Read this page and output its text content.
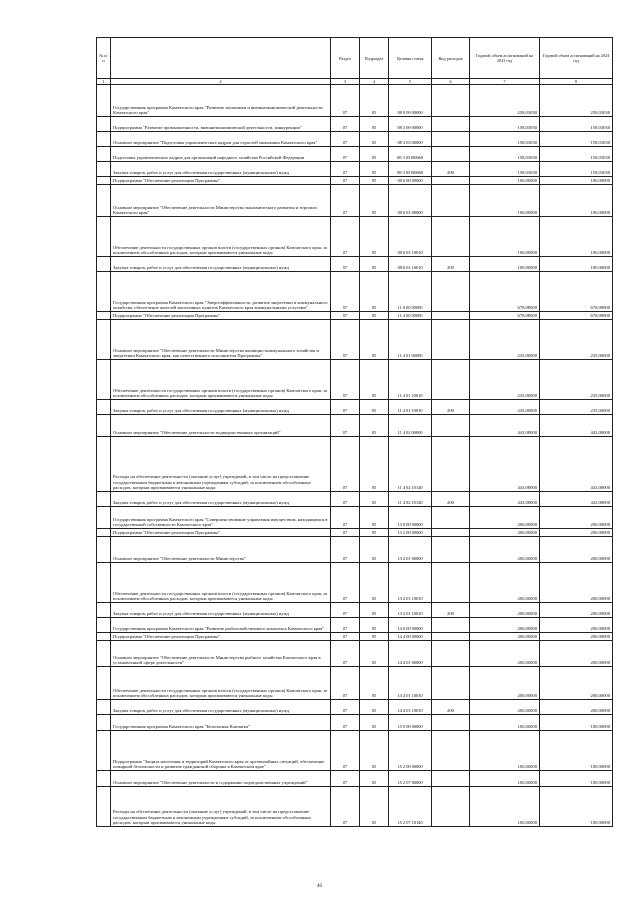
№ п/п		Раздел	Подраздел	Целевая статья	Вид расходов	Годовой объем ассигнований на 2023 год	Годовой объем ассигнований на 2024 год
1	2	3	4	5	6	7	8
	Государственная программа Камчатского края "Развитие экономики и внешнеэкономической деятельности Камчатского края"	07	05	08 0 00 00000		258,03030	258,03030
	Подпрограмма "Развитие промышленности, внешнеэкономической деятельности, конкуренции"	07	05	08 3 00 00000		158,03030	158,03030
	Основное мероприятие "Подготовка управленческих кадров для отраслей экономики Камчатского края"	07	05	08 3 03 00000		158,03030	158,03030
	Подготовка управленческих кадров для организаций народного хозяйства Российской Федерации	07	05	08 3 03 R0660		158,03030	158,03030
	Закупка товаров, работ и услуг для обеспечения государственных (муниципальных) нужд	07	05	08 3 03 R0660	200	158,03030	158,03030
	Подпрограмма "Обеспечение реализации Программы"	07	05	08 6 00 00000		100,00000	100,00000
	Основное мероприятие "Обеспечение деятельности Министерства экономического развития и торговли Камчатского края"	07	05	08 6 01 00000		100,00000	100,00000
	Обеспечение деятельности государственных органов власти (государственных органов) Камчатского края, за исключением обособленных расходов, которым присваиваются уникальные коды	07	05	08 6 01 10010		100,00000	100,00000
	Закупка товаров, работ и услуг для обеспечения государственных (муниципальных) нужд	07	05	08 6 01 10010	200	100,00000	100,00000
	Государственная программа Камчатского края "Энергоэффективность, развитие энергетики и коммунального хозяйства, обеспечение жителей населенных пунктов Камчатского края коммунальными услугами"	07	05	11 0 00 00000		678,08000	678,08000
	Подпрограмма "Обеспечение реализации Программы"	07	05	11 4 00 00000		678,08000	678,08000
	Основное мероприятие "Обеспечение деятельности Министерства жилищно-коммунального хозяйства и энергетики Камчатского края, как ответственного исполнителя Программы"	07	05	11 4 01 00000		235,00000	235,00000
	Обеспечение деятельности государственных органов власти (государственных органов) Камчатского края, за исключением обособленных расходов, которым присваиваются уникальные коды	07	05	11 4 01 10010		235,00000	235,00000
	Закупка товаров, работ и услуг для обеспечения государственных (муниципальных) нужд	07	05	11 4 01 10010	200	235,00000	235,00000
	Основное мероприятие "Обеспечение деятельности подведомственных организаций"	07	05	11 4 02 00000		443,08000	443,08000
	Расходы на обеспечение деятельности (оказание услуг) учреждений, в том числе на предоставление государственным бюджетным и автономным учреждениям субсидий, за исключением обособленных расходов, которым присваиваются уникальные коды	07	05	11 4 02 10140		443,08000	443,08000
	Закупка товаров, работ и услуг для обеспечения государственных (муниципальных) нужд	07	05	11 4 02 10140	200	443,08000	443,08000
	Государственная программа Камчатского края "Совершенствование управления имуществом, находящимся в государственной собственности Камчатского края"	07	05	13 0 00 00000		200,00000	200,00000
	Подпрограмма "Обеспечение реализации Программы"	07	05	13 2 00 00000		200,00000	200,00000
	Основное мероприятие "Обеспечение деятельности Министерства"	07	05	13 2 01 00000		200,00000	200,00000
	Обеспечение деятельности государственных органов власти (государственных органов) Камчатского края, за исключением обособленных расходов, которым присваиваются уникальные коды	07	05	13 2 01 10010		200,00000	200,00000
	Закупка товаров, работ и услуг для обеспечения государственных (муниципальных) нужд	07	05	13 2 01 10010	200	200,00000	200,00000
	Государственная программа Камчатского края "Развитие рыбохозяйственного комплекса Камчатского края"	07	05	14 0 00 00000		200,00000	200,00000
	Подпрограмма "Обеспечение реализации Программы"	07	05	14 4 00 00000		200,00000	200,00000
	Основное мероприятие "Обеспечение деятельности Министерства рыбного хозяйства Камчатского края в установленной сфере деятельности"	07	05	14 4 01 00000		200,00000	200,00000
	Обеспечение деятельности государственных органов власти (государственных органов) Камчатского края, за исключением обособленных расходов, которым присваиваются уникальные коды	07	05	14 4 01 10010		200,00000	200,00000
	Закупка товаров, работ и услуг для обеспечения государственных (муниципальных) нужд	07	05	14 4 01 10010	200	200,00000	200,00000
	Государственная программа Камчатского края "Безопасная Камчатка"	07	05	15 0 00 00000		100,00000	100,00000
	Подпрограмма "Защита населения и территорий Камчатского края от чрезвычайных ситуаций, обеспечение пожарной безопасности и развитие гражданской обороны в Камчатском крае"	07	05	15 2 00 00000		100,00000	100,00000
	Основное мероприятие "Обеспечение деятельности и содержание подведомственных учреждений"	07	05	15 2 07 00000		100,00000	100,00000
	Расходы на обеспечение деятельности (оказание услуг) учреждений, в том числе на предоставление государственным бюджетным и автономным учреждениям субсидий, за исключением обособленных расходов, которым присваиваются уникальные коды	07	05	15 2 07 10140		100,00000	100,00000
40
